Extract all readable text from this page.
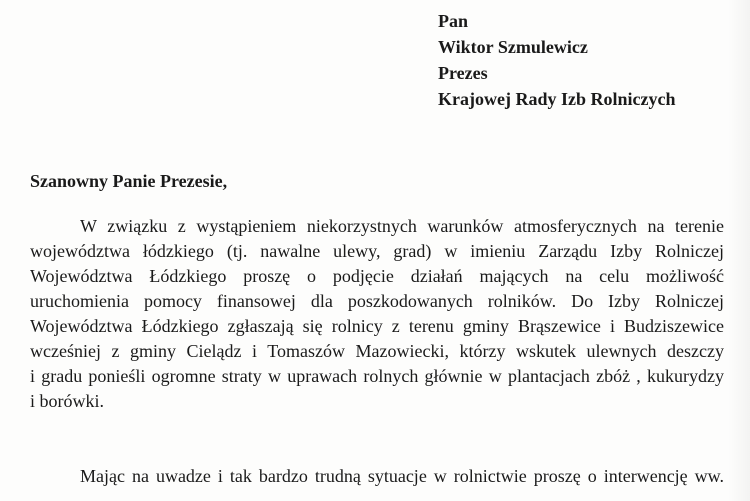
Pan
Wiktor Szmulewicz
Prezes
Krajowej Rady Izb Rolniczych
Szanowny Panie Prezesie,
W związku z wystąpieniem niekorzystnych warunków atmosferycznych na terenie
województwa łódzkiego (tj. nawalne ulewy, grad) w imieniu Zarządu Izby Rolniczej
Województwa Łódzkiego proszę o podjęcie działań mających na celu możliwość
uruchomienia pomocy finansowej dla poszkodowanych rolników. Do Izby Rolniczej
Województwa Łódzkiego zgłaszają się rolnicy z terenu gminy Brąszewice i Budziszewice
wcześniej z gminy Cielądz i Tomaszów Mazowiecki, którzy wskutek ulewnych deszczy
i gradu ponieśli ogromne straty w uprawach rolnych głównie w plantacjach zbóż , kukurydzy
i borówki.
Mając na uwadze i tak bardzo trudną sytuacje w rolnictwie proszę o interwencję ww.
